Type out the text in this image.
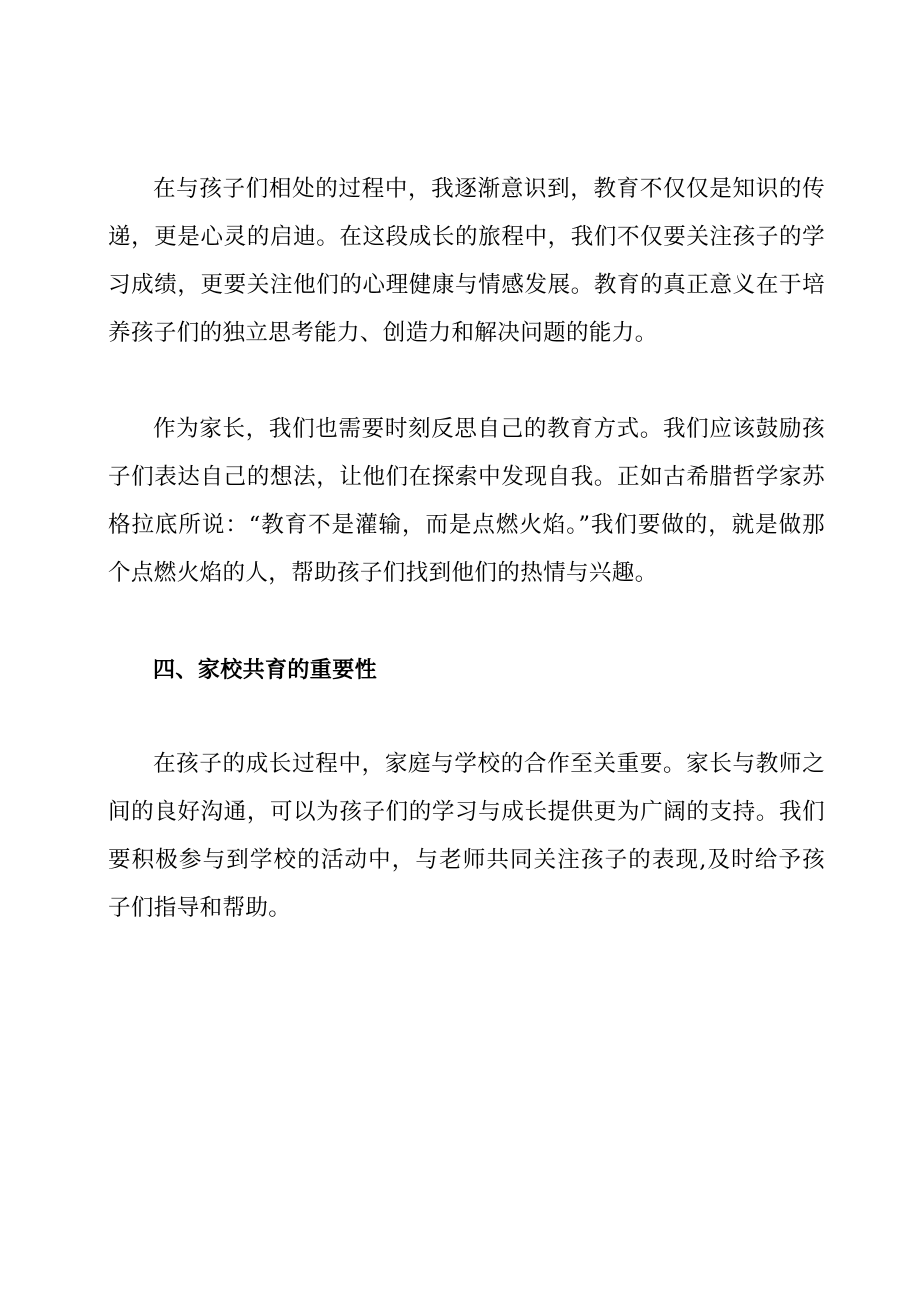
在与孩子们相处的过程中，我逐渐意识到，教育不仅仅是知识的传递，更是心灵的启迪。在这段成长的旅程中，我们不仅要关注孩子的学习成绩，更要关注他们的心理健康与情感发展。教育的真正意义在于培养孩子们的独立思考能力、创造力和解决问题的能力。

作为家长，我们也需要时刻反思自己的教育方式。我们应该鼓励孩子们表达自己的想法，让他们在探索中发现自我。正如古希腊哲学家苏格拉底所说：“教育不是灌输，而是点燃火焰。”我们要做的，就是做那个点燃火焰的人，帮助孩子们找到他们的热情与兴趣。

四、家校共育的重要性

在孩子的成长过程中，家庭与学校的合作至关重要。家长与教师之间的良好沟通，可以为孩子们的学习与成长提供更为广阔的支持。我们要积极参与到学校的活动中，与老师共同关注孩子的表现,及时给予孩子们指导和帮助。
